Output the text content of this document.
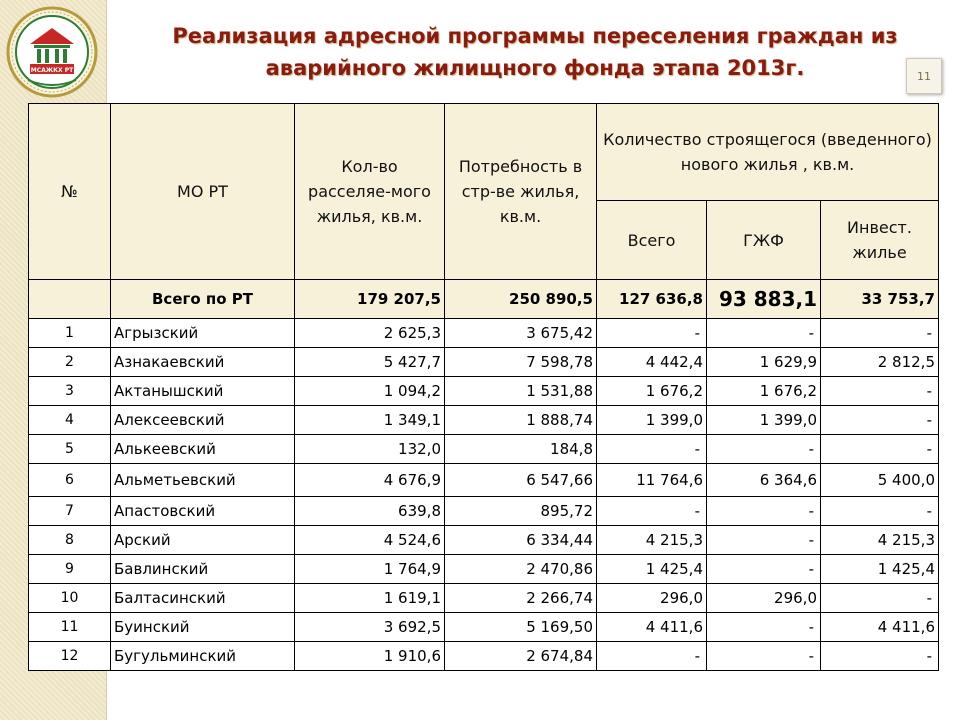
МСАЖКХ РТ
Реализация адресной программы переселения граждан из
аварийного жилищного фонда этапа 2013г.	11
№	МО РТ	Кол-во расселяе-мого жилья, кв.м.	Потребность в стр-ве жилья, кв.м.	Количество строящегося (введенного) нового жилья , кв.м.		
				Всего	ГЖФ	Инвест. жилье
	Всего по РТ	179 207,5	250 890,5	127 636,8	93 883,1	33 753,7
1	Агрызский	2 625,3	3 675,42	-	-	-
2	Азнакаевский	5 427,7	7 598,78	4 442,4	1 629,9	2 812,5
3	Актанышский	1 094,2	1 531,88	1 676,2	1 676,2	-
4	Алексеевский	1 349,1	1 888,74	1 399,0	1 399,0	-
5	Алькеевский	132,0	184,8	-	-	-
6	Альметьевский	4 676,9	6 547,66	11 764,6	6 364,6	5 400,0
7	Апастовский	639,8	895,72	-	-	-
8	Арский	4 524,6	6 334,44	4 215,3	-	4 215,3
9	Бавлинский	1 764,9	2 470,86	1 425,4	-	1 425,4
10	Балтасинский	1 619,1	2 266,74	296,0	296,0	-
11	Буинский	3 692,5	5 169,50	4 411,6	-	4 411,6
12	Бугульминский	1 910,6	2 674,84	-	-	-
